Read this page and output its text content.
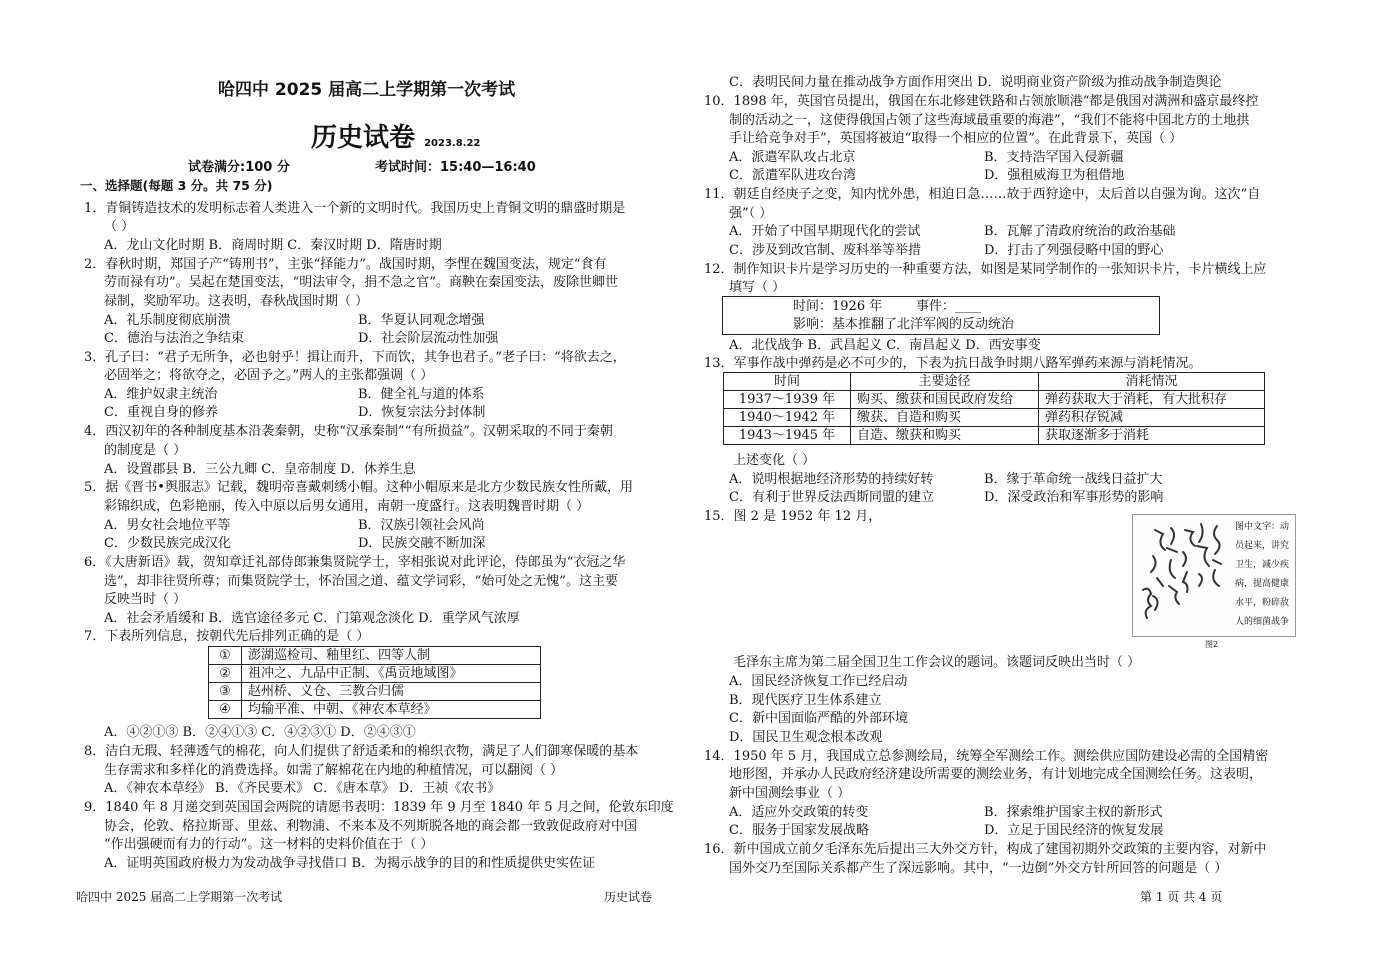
哈四中 2025 届高二上学期第一次考试
历史试卷 2023.8.22
试卷满分:100 分	考试时间：15:40—16:40
一、选择题(每题 3 分。共 75 分)
1．青铜铸造技术的发明标志着人类进入一个新的文明时代。我国历史上青铜文明的鼎盛时期是
（ ）
A．龙山文化时期 B．商周时期 C．秦汉时期 D．隋唐时期
2．春秋时期，郑国子产“铸刑书”，主张“择能力”。战国时期，李悝在魏国变法，规定“食有
劳而禄有功”。吴起在楚国变法，“明法审令，捐不急之官”。商鞅在秦国变法，废除世卿世
禄制，奖励军功。这表明，春秋战国时期（ ）
A．礼乐制度彻底崩溃	B．华夏认同观念增强
C．德治与法治之争结束	D．社会阶层流动性加强
3．孔子曰：“君子无所争，必也射乎！揖让而升，下而饮，其争也君子。”老子曰：“将欲去之，
必固举之；将欲夺之，必固予之。”两人的主张都强调（ ）
A．维护奴隶主统治	B．健全礼与道的体系
C．重视自身的修养	D．恢复宗法分封体制
4．西汉初年的各种制度基本沿袭秦朝，史称“汉承秦制”“有所损益”。汉朝采取的不同于秦朝
的制度是（ ）
A．设置郡县 B．三公九卿 C．皇帝制度 D．休养生息
5．据《晋书•舆服志》记载，魏明帝喜戴刺绣小帽。这种小帽原来是北方少数民族女性所戴，用
彩锦织成，色彩艳丽，传入中原以后男女通用，南朝一度盛行。这表明魏晋时期（ ）
A．男女社会地位平等	B．汉族引领社会风尚
C．少数民族完成汉化	D．民族交融不断加深
6．《大唐新语》载，贺知章迁礼部侍郎兼集贤院学士，宰相张说对此评论，侍郎虽为“衣冠之华
选”，却非往贤所尊；而集贤院学士，怀治国之道、蕴文学词彩，“始可处之无愧”。这主要
反映当时（ ）
A．社会矛盾缓和 B．选官途径多元 C．门第观念淡化 D．重学风气浓厚
7．下表所列信息，按朝代先后排列正确的是（ ）
①	澎湖巡检司、釉里红、四等人制
②	祖冲之、九品中正制、《禹贡地域图》
③	赵州桥、义仓、三教合归儒
④	均输平准、中朝、《神农本草经》
A．④②①③ B．②④①③ C．④②③① D．②④③①
8．洁白无瑕、轻薄透气的棉花，向人们提供了舒适柔和的棉织衣物，满足了人们御寒保暖的基本
生存需求和多样化的消费选择。如需了解棉花在内地的种植情况，可以翻阅（ ）
A．《神农本草经》 B．《齐民要术》 C．《唐本草》 D．王祯《农书》
9．1840 年 8 月递交到英国国会两院的请愿书表明：1839 年 9 月至 1840 年 5 月之间，伦敦东印度
协会，伦敦、格拉斯哥、里兹、利物浦、不来本及不列斯脱各地的商会都一致敦促政府对中国
“作出强硬而有力的行动”。这一材料的史料价值在于（ ）
A．证明英国政府极力为发动战争寻找借口 B．为揭示战争的目的和性质提供史实佐证
C．表明民间力量在推动战争方面作用突出 D．说明商业资产阶级为推动战争制造舆论
10．1898 年，英国官员提出，俄国在东北修建铁路和占领旅顺港“都是俄国对满洲和盛京最终控
制的活动之一，这使得俄国占领了这些海域最重要的海港”，“我们不能将中国北方的土地拱
手让给竞争对手”，英国将被迫“取得一个相应的位置”。在此背景下，英国（ ）
A．派遣军队攻占北京	B．支持浩罕国入侵新疆
C．派遣军队进攻台湾	D．强租威海卫为租借地
11．朝廷自经庚子之变，知内忧外患，相迫日急……故于西狩途中，太后首以自强为询。这次“自
强”（ ）
A．开始了中国早期现代化的尝试	B．瓦解了清政府统治的政治基础
C．涉及到改官制、废科举等举措	D．打击了列强侵略中国的野心
12．制作知识卡片是学习历史的一种重要方法，如图是某同学制作的一张知识卡片，卡片横线上应
填写（ ）
时间：1926 年	事件：____
影响：基本推翻了北洋军阀的反动统治
A．北伐战争 B．武昌起义 C．南昌起义 D．西安事变
13．军事作战中弹药是必不可少的，下表为抗日战争时期八路军弹药来源与消耗情况。
时间	主要途径	消耗情况
1937～1939 年	购买、缴获和国民政府发给	弹药获取大于消耗，有大批积存
1940～1942 年	缴获、自造和购买	弹药积存锐减
1943～1945 年	自造、缴获和购买	获取逐渐多于消耗
上述变化（ ）
A．说明根据地经济形势的持续好转	B．缘于革命统一战线日益扩大
C．有利于世界反法西斯同盟的建立	D．深受政治和军事形势的影响
15．图 2 是 1952 年 12 月，
图中文字：动员起来，讲究卫生，减少疾病，提高健康水平，粉碎敌人的细菌战争
图2
毛泽东主席为第二届全国卫生工作会议的题词。该题词反映出当时（ ）
A．国民经济恢复工作已经启动
B．现代医疗卫生体系建立
C．新中国面临严酷的外部环境
D．国民卫生观念根本改观
14．1950 年 5 月，我国成立总参测绘局，统筹全军测绘工作。测绘供应国防建设必需的全国精密
地形图，并承办人民政府经济建设所需要的测绘业务，有计划地完成全国测绘任务。这表明，
新中国测绘事业（ ）
A．适应外交政策的转变	B．探索维护国家主权的新形式
C．服务于国家发展战略	D．立足于国民经济的恢复发展
16．新中国成立前夕毛泽东先后提出三大外交方针，构成了建国初期外交政策的主要内容，对新中
国外交乃至国际关系都产生了深远影响。其中，“一边倒”外交方针所回答的问题是（ ）
哈四中 2025 届高二上学期第一次考试	历史试卷	第 1 页 共 4 页
